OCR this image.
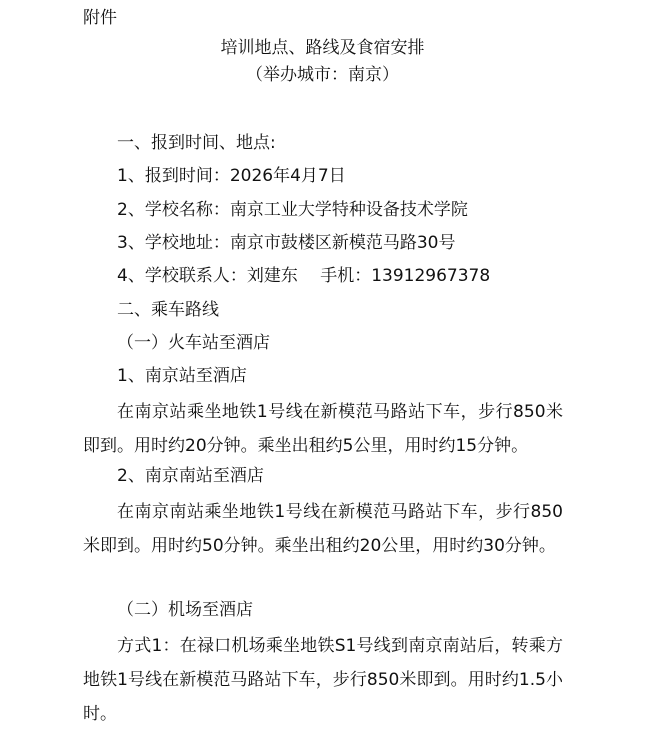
附件
培训地点、路线及食宿安排
（举办城市：南京）
一、报到时间、地点:
1、报到时间：2026年4月7日
2、学校名称：南京工业大学特种设备技术学院
3、学校地址：南京市鼓楼区新模范马路30号
4、学校联系人：刘建东　 手机：13912967378
二、乘车路线
（一）火车站至酒店
1、南京站至酒店
在南京站乘坐地铁1号线在新模范马路站下车，步行850米即到。用时约20分钟。乘坐出租约5公里，用时约15分钟。
2、南京南站至酒店
在南京南站乘坐地铁1号线在新模范马路站下车，步行850米即到。用时约50分钟。乘坐出租约20公里，用时约30分钟。
（二）机场至酒店
方式1：在禄口机场乘坐地铁S1号线到南京南站后，转乘方地铁1号线在新模范马路站下车，步行850米即到。用时约1.5小时。
